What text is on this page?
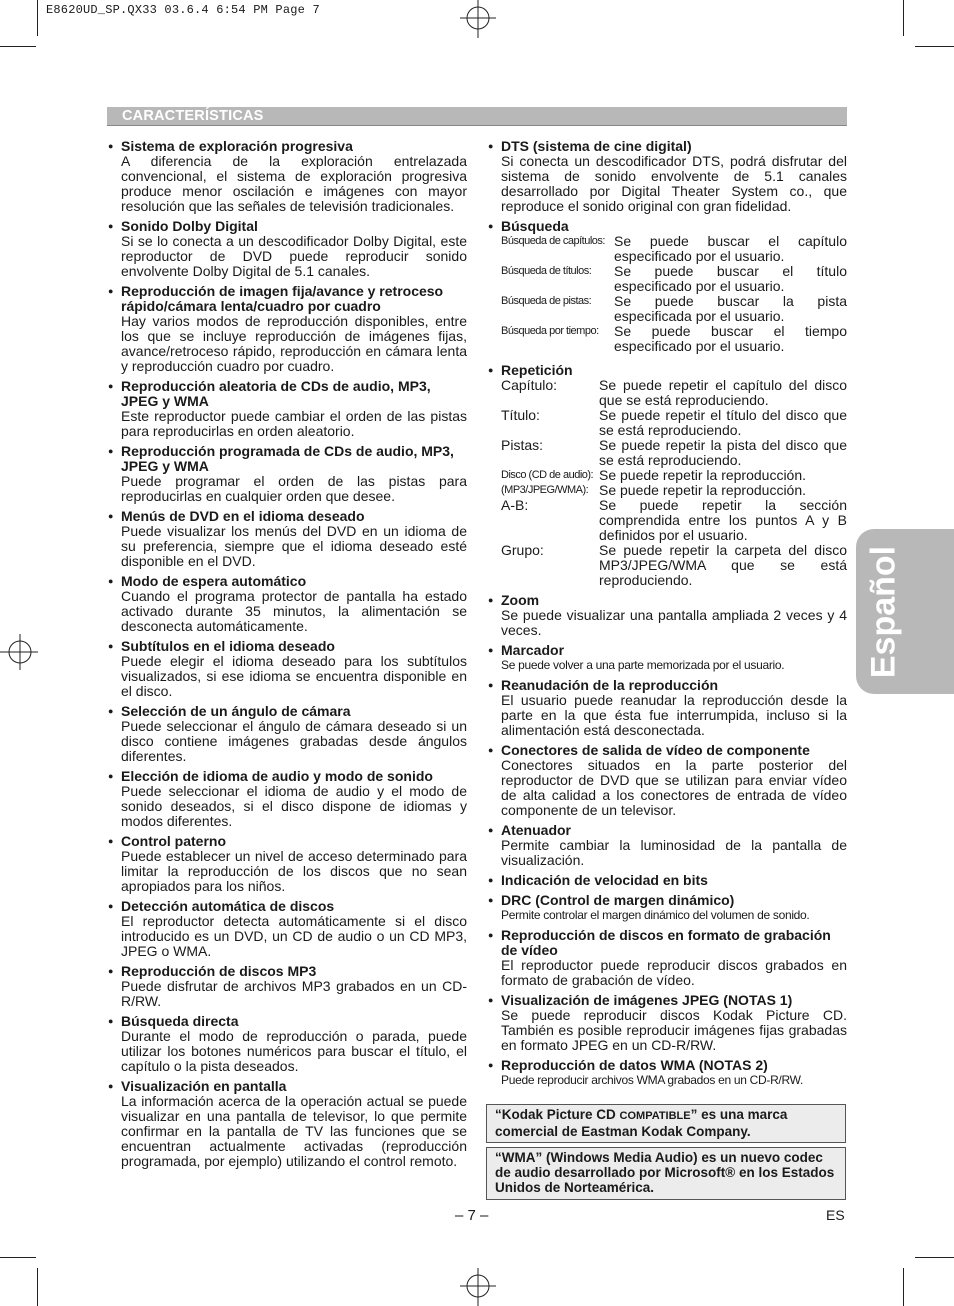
E8620UD_SP.QX33 03.6.4 6:54 PM Page 7
CARACTERÍSTICAS
Español
● Sistema de exploración progresiva
A diferencia de la exploración entrelazada convencional, el sistema de exploración progresiva produce menor oscilación e imágenes con mayor resolución que las señales de televisión tradicionales.
● Sonido Dolby Digital
Si se lo conecta a un descodificador Dolby Digital, este reproductor de DVD puede reproducir sonido envolvente Dolby Digital de 5.1 canales.
● Reproducción de imagen fija/avance y retroceso rápido/cámara lenta/cuadro por cuadro
Hay varios modos de reproducción disponibles, entre los que se incluye reproducción de imágenes fijas, avance/retroceso rápido, reproducción en cámara lenta y reproducción cuadro por cuadro.
● Reproducción aleatoria de CDs de audio, MP3, JPEG y WMA
Este reproductor puede cambiar el orden de las pistas para reproducirlas en orden aleatorio.
● Reproducción programada de CDs de audio, MP3, JPEG y WMA
Puede programar el orden de las pistas para reproducirlas en cualquier orden que desee.
● Menús de DVD en el idioma deseado
Puede visualizar los menús del DVD en un idioma de su preferencia, siempre que el idioma deseado esté disponible en el DVD.
● Modo de espera automático
Cuando el programa protector de pantalla ha estado activado durante 35 minutos, la alimentación se desconecta automáticamente.
● Subtítulos en el idioma deseado
Puede elegir el idioma deseado para los subtítulos visualizados, si ese idioma se encuentra disponible en el disco.
● Selección de un ángulo de cámara
Puede seleccionar el ángulo de cámara deseado si un disco contiene imágenes grabadas desde ángulos diferentes.
● Elección de idioma de audio y modo de sonido
Puede seleccionar el idioma de audio y el modo de sonido deseados, si el disco dispone de idiomas y modos diferentes.
● Control paterno
Puede establecer un nivel de acceso determinado para limitar la reproducción de los discos que no sean apropiados para los niños.
● Detección automática de discos
El reproductor detecta automáticamente si el disco introducido es un DVD, un CD de audio o un CD MP3, JPEG o WMA.
● Reproducción de discos MP3
Puede disfrutar de archivos MP3 grabados en un CD-R/RW.
● Búsqueda directa
Durante el modo de reproducción o parada, puede utilizar los botones numéricos para buscar el título, el capítulo o la pista deseados.
● Visualización en pantalla
La información acerca de la operación actual se puede visualizar en una pantalla de televisor, lo que permite confirmar en la pantalla de TV las funciones que se encuentran actualmente activadas (reproducción programada, por ejemplo) utilizando el control remoto.
● DTS (sistema de cine digital)
Si conecta un descodificador DTS, podrá disfrutar del sistema de sonido envolvente de 5.1 canales desarrollado por Digital Theater System co., que reproduce el sonido original con gran fidelidad.
● Búsqueda
Búsqueda de capítulos: Se puede buscar el capítulo especificado por el usuario.
Búsqueda de títulos:	Se puede buscar el título especificado por el usuario.
Búsqueda de pistas:	Se puede buscar la pista especificada por el usuario.
Búsqueda por tiempo:	Se puede buscar el tiempo especificado por el usuario.
● Repetición
Capítulo:	Se puede repetir el capítulo del disco que se está reproduciendo.
Título:	Se puede repetir el título del disco que se está reproduciendo.
Pistas:	Se puede repetir la pista del disco que se está reproduciendo.
Disco (CD de audio): Se puede repetir la reproducción.
(MP3/JPEG/WMA): Se puede repetir la reproducción.
A-B:	Se puede repetir la sección comprendida entre los puntos A y B definidos por el usuario.
Grupo:	Se puede repetir la carpeta del disco MP3/JPEG/WMA que se está reproduciendo.
● Zoom
Se puede visualizar una pantalla ampliada 2 veces y 4 veces.
● Marcador
Se puede volver a una parte memorizada por el usuario.
● Reanudación de la reproducción
El usuario puede reanudar la reproducción desde la parte en la que ésta fue interrumpida, incluso si la alimentación está desconectada.
● Conectores de salida de vídeo de componente
Conectores situados en la parte posterior del reproductor de DVD que se utilizan para enviar vídeo de alta calidad a los conectores de entrada de vídeo componente de un televisor.
● Atenuador
Permite cambiar la luminosidad de la pantalla de visualización.
● Indicación de velocidad en bits
● DRC (Control de margen dinámico)
Permite controlar el margen dinámico del volumen de sonido.
● Reproducción de discos en formato de grabación de vídeo
El reproductor puede reproducir discos grabados en formato de grabación de vídeo.
● Visualización de imágenes JPEG (NOTAS 1)
Se puede reproducir discos Kodak Picture CD. También es posible reproducir imágenes fijas grabadas en formato JPEG en un CD-R/RW.
● Reproducción de datos WMA (NOTAS 2)
Puede reproducir archivos WMA grabados en un CD-R/RW.
“Kodak Picture CD COMPATIBLE” es una marca comercial de Eastman Kodak Company.
“WMA” (Windows Media Audio) es un nuevo codec de audio desarrollado por Microsoft® en los Estados Unidos de Norteamérica.
– 7 –	ES
